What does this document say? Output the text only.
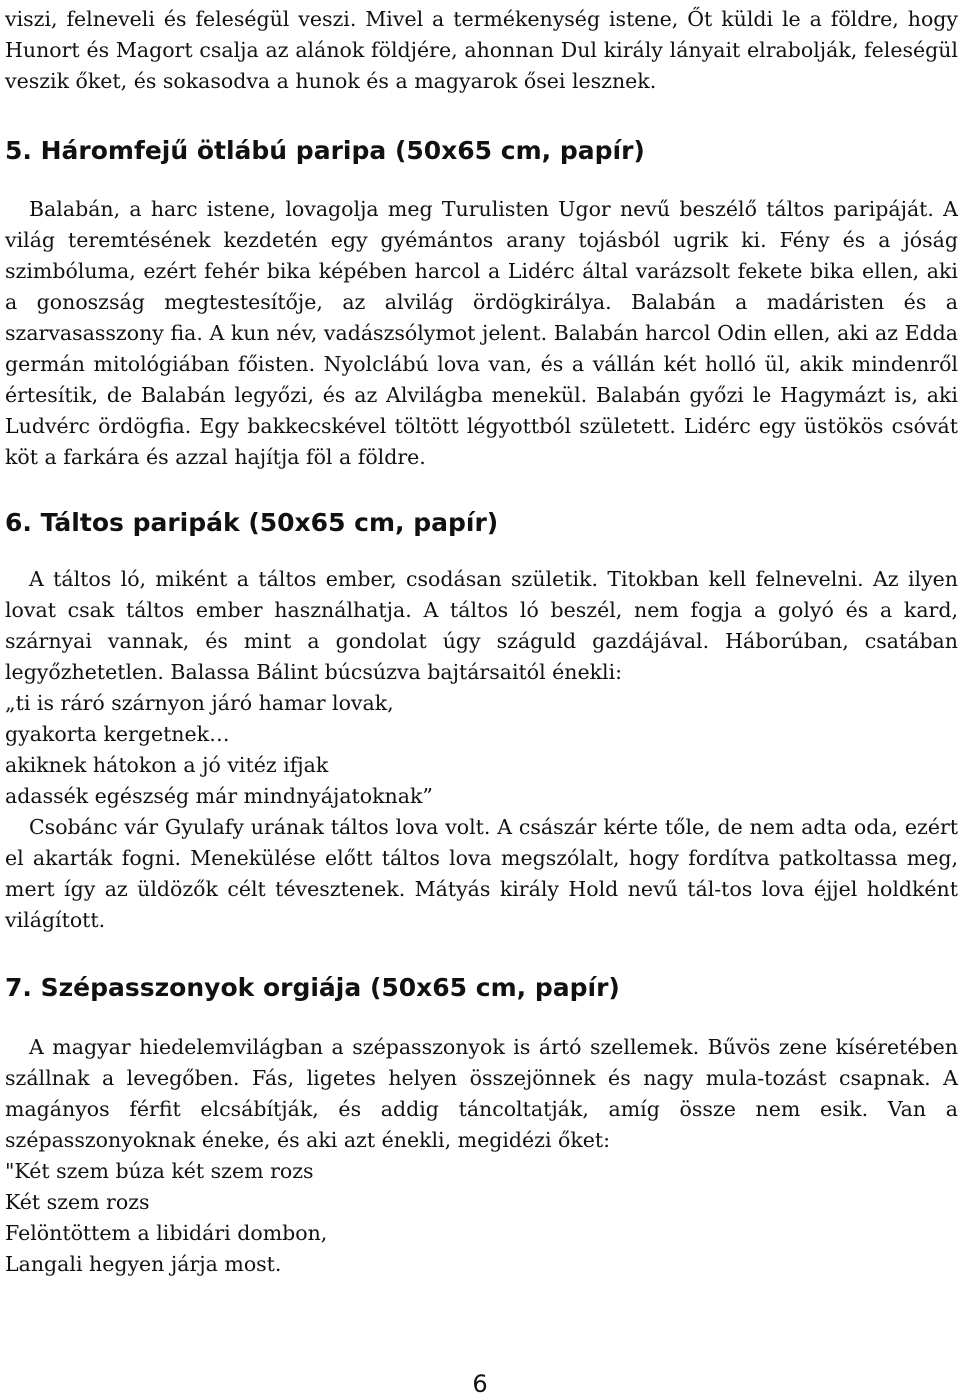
viszi, felneveli és feleségül veszi. Mivel a termékenység istene, Őt küldi le a földre, hogy Hunort és Magort csalja az alánok földjére, ahonnan Dul király lányait elrabolják, feleségül veszik őket, és sokasodva a hunok és a magyarok ősei lesznek.

5. Háromfejű ötlábú paripa (50x65 cm, papír)

Balabán, a harc istene, lovagolja meg Turulisten Ugor nevű beszélő táltos paripáját. A világ teremtésének kezdetén egy gyémántos arany tojásból ugrik ki. Fény és a jóság szimbóluma, ezért fehér bika képében harcol a Lidérc által varázsolt fekete bika ellen, aki a gonoszság megtestesítője, az alvilág ördögkirálya. Balabán a madáristen és a szarvasasszony fia. A kun név, vadászsólymot jelent. Balabán harcol Odin ellen, aki az Edda germán mitológiában főisten. Nyolclábú lova van, és a vállán két holló ül, akik mindenről értesítik, de Balabán legyőzi, és az Alvilágba menekül. Balabán győzi le Hagymázt is, aki Ludvérc ördögfia. Egy bakkecskével töltött légyottból született. Lidérc egy üstökös csóvát köt a farkára és azzal hajítja föl a földre.

6. Táltos paripák (50x65 cm, papír)

A táltos ló, miként a táltos ember, csodásan születik. Titokban kell felnevelni. Az ilyen lovat csak táltos ember használhatja. A táltos ló beszél, nem fogja a golyó és a kard, szárnyai vannak, és mint a gondolat úgy száguld gazdájával. Háborúban, csatában legyőzhetetlen. Balassa Bálint búcsúzva bajtársaitól énekli:

„ti is ráró szárnyon járó hamar lovak,

gyakorta kergetnek…

akiknek hátokon a jó vitéz ifjak

adassék egészség már mindnyájatoknak”

Csobánc vár Gyulafy urának táltos lova volt. A császár kérte tőle, de nem adta oda, ezért el akarták fogni. Menekülése előtt táltos lova megszólalt, hogy fordítva patkoltassa meg, mert így az üldözők célt tévesztenek. Mátyás király Hold nevű tál-tos lova éjjel holdként világított.

7. Szépasszonyok orgiája (50x65 cm, papír)

A magyar hiedelemvilágban a szépasszonyok is ártó szellemek. Bűvös zene kíséretében szállnak a levegőben. Fás, ligetes helyen összejönnek és nagy mula-tozást csapnak. A magányos férfit elcsábítják, és addig táncoltatják, amíg össze nem esik. Van a szépasszonyoknak éneke, és aki azt énekli, megidézi őket:

"Két szem búza két szem rozs

Két szem rozs

Felöntöttem a libidári dombon,

Langali hegyen járja most.

6
